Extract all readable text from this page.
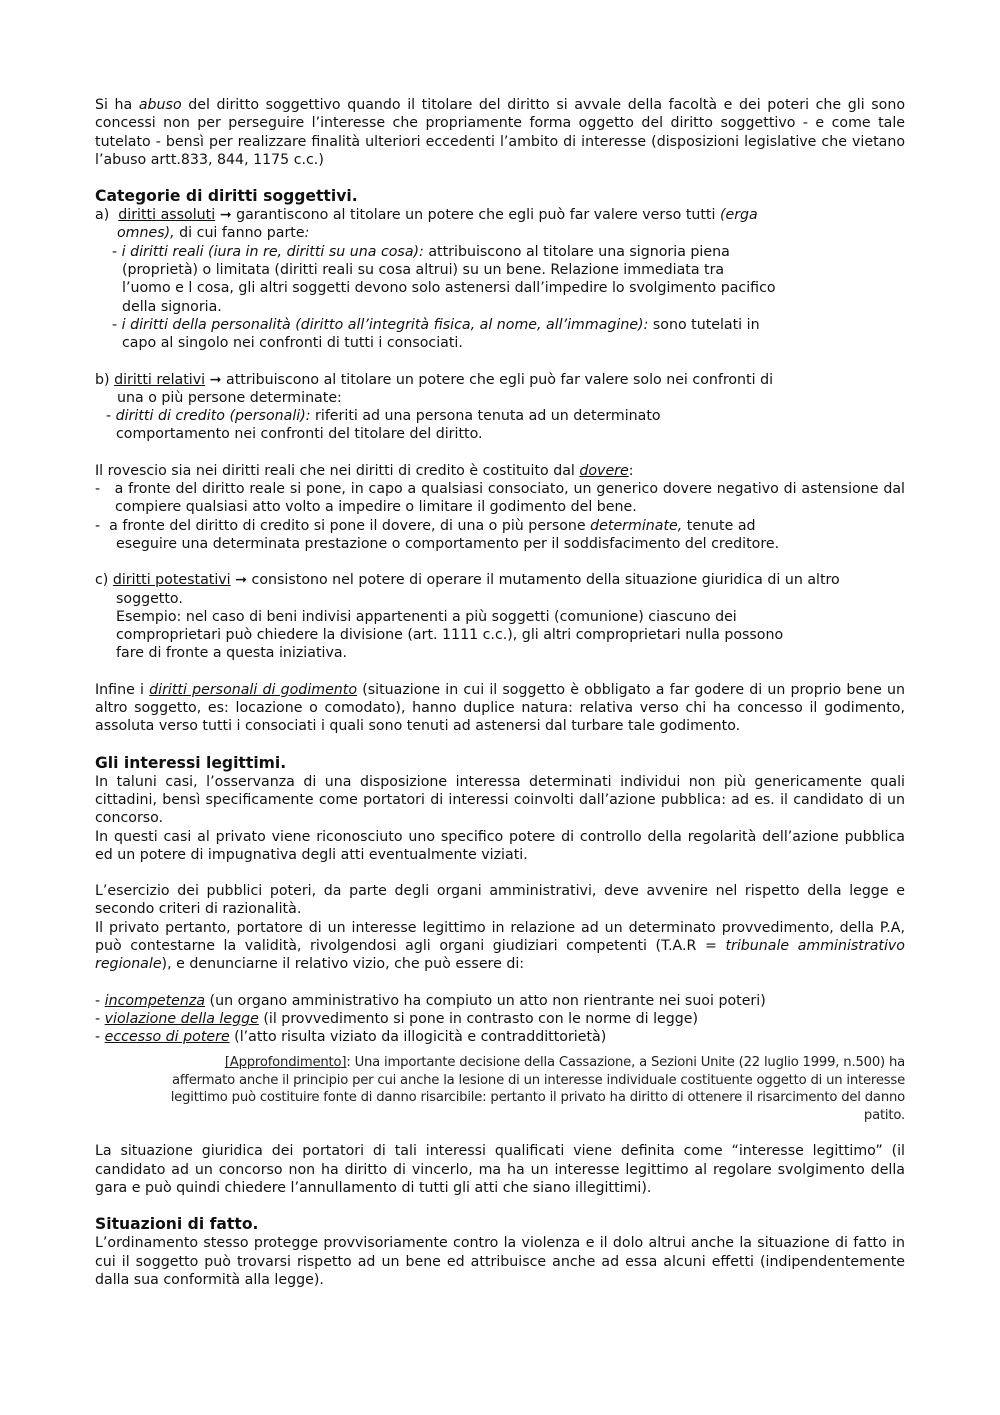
Si ha abuso del diritto soggettivo quando il titolare del diritto si avvale della facoltà e dei poteri che gli sono concessi non per perseguire l’interesse che propriamente forma oggetto del diritto soggettivo - e come tale tutelato - bensì per realizzare finalità ulteriori eccedenti l’ambito di interesse (disposizioni legislative che vietano l’abuso artt.833, 844, 1175 c.c.)

Categorie di diritti soggettivi.

a) diritti assoluti ➞ garantiscono al titolare un potere che egli può far valere verso tutti (erga

omnes), di cui fanno parte:

- i diritti reali (iura in re, diritti su una cosa): attribuiscono al titolare una signoria piena

(proprietà) o limitata (diritti reali su cosa altrui) su un bene. Relazione immediata tra

l’uomo e l cosa, gli altri soggetti devono solo astenersi dall’impedire lo svolgimento pacifico

della signoria.

- i diritti della personalità (diritto all’integrità fisica, al nome, all’immagine): sono tutelati in

capo al singolo nei confronti di tutti i consociati.

b) diritti relativi ➞ attribuiscono al titolare un potere che egli può far valere solo nei confronti di

una o più persone determinate:

- diritti di credito (personali): riferiti ad una persona tenuta ad un determinato

comportamento nei confronti del titolare del diritto.

Il rovescio sia nei diritti reali che nei diritti di credito è costituito dal dovere:

-   a fronte del diritto reale si pone, in capo a qualsiasi consociato, un generico dovere negativo di astensione dal compiere qualsiasi atto volto a impedire o limitare il godimento del bene.

-  a fronte del diritto di credito si pone il dovere, di una o più persone determinate, tenute ad

eseguire una determinata prestazione o comportamento per il soddisfacimento del creditore.

c) diritti potestativi ➞ consistono nel potere di operare il mutamento della situazione giuridica di un altro

soggetto.

Esempio: nel caso di beni indivisi appartenenti a più soggetti (comunione) ciascuno dei

comproprietari può chiedere la divisione (art. 1111 c.c.), gli altri comproprietari nulla possono

fare di fronte a questa iniziativa.

Infine i diritti personali di godimento (situazione in cui il soggetto è obbligato a far godere di un proprio bene un altro soggetto, es: locazione o comodato), hanno duplice natura: relativa verso chi ha concesso il godimento, assoluta verso tutti i consociati i quali sono tenuti ad astenersi dal turbare tale godimento.

Gli interessi legittimi.

In taluni casi, l’osservanza di una disposizione interessa determinati individui non più genericamente quali cittadini, bensì specificamente come portatori di interessi coinvolti dall’azione pubblica: ad es. il candidato di un concorso.

In questi casi al privato viene riconosciuto uno specifico potere di controllo della regolarità dell’azione pubblica ed un potere di impugnativa degli atti eventualmente viziati.

L’esercizio dei pubblici poteri, da parte degli organi amministrativi, deve avvenire nel rispetto della legge e secondo criteri di razionalità.

Il privato pertanto, portatore di un interesse legittimo in relazione ad un determinato provvedimento, della P.A, può contestarne la validità, rivolgendosi agli organi giudiziari competenti (T.A.R = tribunale amministrativo regionale), e denunciarne il relativo vizio, che può essere di:

- incompetenza (un organo amministrativo ha compiuto un atto non rientrante nei suoi poteri)

- violazione della legge (il provvedimento si pone in contrasto con le norme di legge)

- eccesso di potere (l’atto risulta viziato da illogicità e contraddittorietà)

[Approfondimento]: Una importante decisione della Cassazione, a Sezioni Unite (22 luglio 1999, n.500) ha
affermato anche il principio per cui anche la lesione di un interesse individuale costituente oggetto di un interesse
legittimo può costituire fonte di danno risarcibile: pertanto il privato ha diritto di ottenere il risarcimento del danno
patito.

La situazione giuridica dei portatori di tali interessi qualificati viene definita come “interesse legittimo” (il candidato ad un concorso non ha diritto di vincerlo, ma ha un interesse legittimo al regolare svolgimento della gara e può quindi chiedere l’annullamento di tutti gli atti che siano illegittimi).

Situazioni di fatto.

L’ordinamento stesso protegge provvisoriamente contro la violenza e il dolo altrui anche la situazione di fatto in cui il soggetto può trovarsi rispetto ad un bene ed attribuisce anche ad essa alcuni effetti (indipendentemente dalla sua conformità alla legge).
